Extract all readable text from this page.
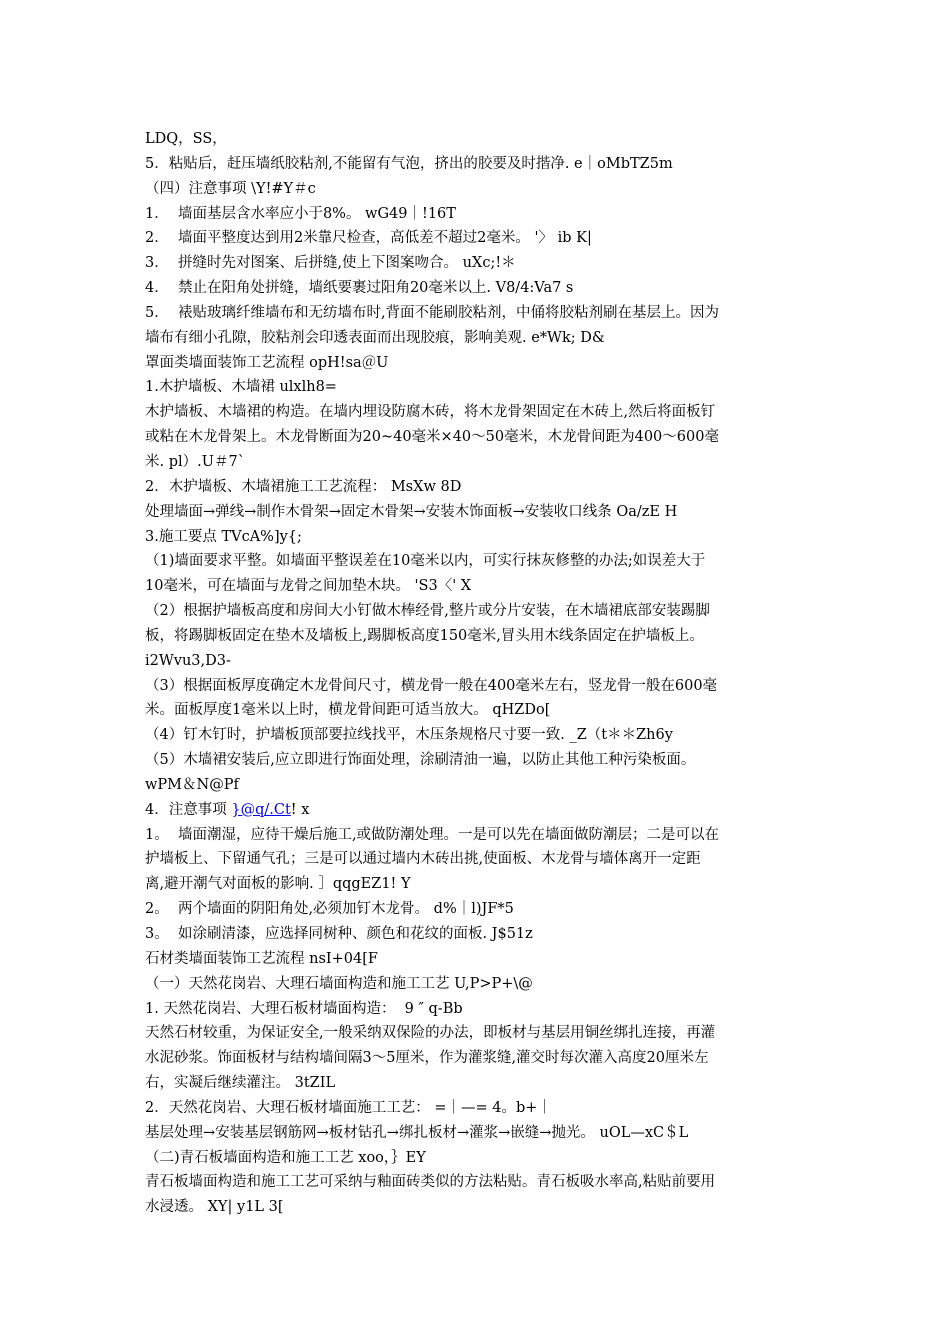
LDQ，SS，
5．粘贴后，赶压墙纸胶粘剂,不能留有气泡，挤出的胶要及时揩净. e｜oMbTZ5m
（四）注意事项 \Y!#Y＃c
1．  墙面基层含水率应小于8%。 wG49｜!16T
2．  墙面平整度达到用2米靠尺检查，高低差不超过2毫米。 '〉 ib K|
3．  拼缝时先对图案、后拼缝,使上下图案吻合。 uXc;!＊
4．  禁止在阳角处拼缝，墙纸要裹过阳角20毫米以上. V8/4:Va7 s
5．  裱贴玻璃纤维墙布和无纺墙布时,背面不能刷胶粘剂，中俑将胶粘剂刷在基层上。因为
墙布有细小孔隙，胶粘剂会印透表面而出现胶痕，影响美观. e*Wk; D&
罩面类墙面装饰工艺流程 opH!sa＠U
1.木护墙板、木墙裙 ulxlh8=
木护墙板、木墙裙的构造。在墙内埋设防腐木砖，将木龙骨架固定在木砖上,然后将面板钉
或粘在木龙骨架上。木龙骨断面为20~40毫米×40～50毫米，木龙骨间距为400～600毫
米. pl）.U＃7`
2．木护墙板、木墙裙施工工艺流程： MsXw 8D
处理墙面→弹线→制作木骨架→固定木骨架→安装木饰面板→安装收口线条 Oa/zE H
3.施工要点 TVcA%]y{;
（1)墙面要求平整。如墙面平整误差在10毫米以内，可实行抹灰修整的办法;如误差大于
10毫米，可在墙面与龙骨之间加垫木块。 'S3〈' X
（2）根据护墙板高度和房间大小钉做木棒经骨,整片或分片安装，在木墙裙底部安装踢脚
板，将踢脚板固定在垫木及墙板上,踢脚板高度150毫米,冒头用木线条固定在护墙板上。
i2Wvu3,D3-
（3）根据面板厚度确定木龙骨间尺寸，横龙骨一般在400毫米左右，竖龙骨一般在600毫
米。面板厚度1毫米以上时，横龙骨间距可适当放大。 qHZDo[
（4）钉木钉时，护墙板顶部要拉线找平，木压条规格尺寸要一致. _Z（t＊＊Zh6y
（5）木墙裙安装后,应立即进行饰面处理，涂刷清油一遍，以防止其他工种污染板面。
wPM＆N@Pf
4．注意事项 }@q/.Ct! x
1。  墙面潮湿，应待干燥后施工,或做防潮处理。一是可以先在墙面做防潮层；二是可以在
护墙板上、下留通气孔；三是可以通过墙内木砖出挑,使面板、木龙骨与墙体离开一定距
离,避开潮气对面板的影响. ］qqgEZ1! Y
2。  两个墙面的阴阳角处,必须加钉木龙骨。 d%｜l)JF*5
3。  如涂刷清漆，应选择同树种、颜色和花纹的面板. J$51z
石材类墙面装饰工艺流程 nsI+04[F
（一）天然花岗岩、大理石墙面构造和施工工艺 U,P>P+\@
1. 天然花岗岩、大理石板材墙面构造：  9 ″ q-Bb
天然石材较重，为保证安全,一般采纳双保险的办法，即板材与基层用铜丝绑扎连接，再灌
水泥砂浆。饰面板材与结构墙间隔3～5厘米，作为灌浆缝,灌交时每次灌入高度20厘米左
右，实凝后继续灌注。 3tZIL
2．天然花岗岩、大理石板材墙面施工工艺： =｜—= 4。b+｜
基层处理→安装基层钢筋网→板材钻孔→绑扎板材→灌浆→嵌缝→抛光。 uOL—xC＄L
（二)青石板墙面构造和施工工艺 xoo，｝EY
青石板墙面构造和施工工艺可采纳与釉面砖类似的方法粘贴。青石板吸水率高,粘贴前要用
水浸透。 XY| y1L 3[
